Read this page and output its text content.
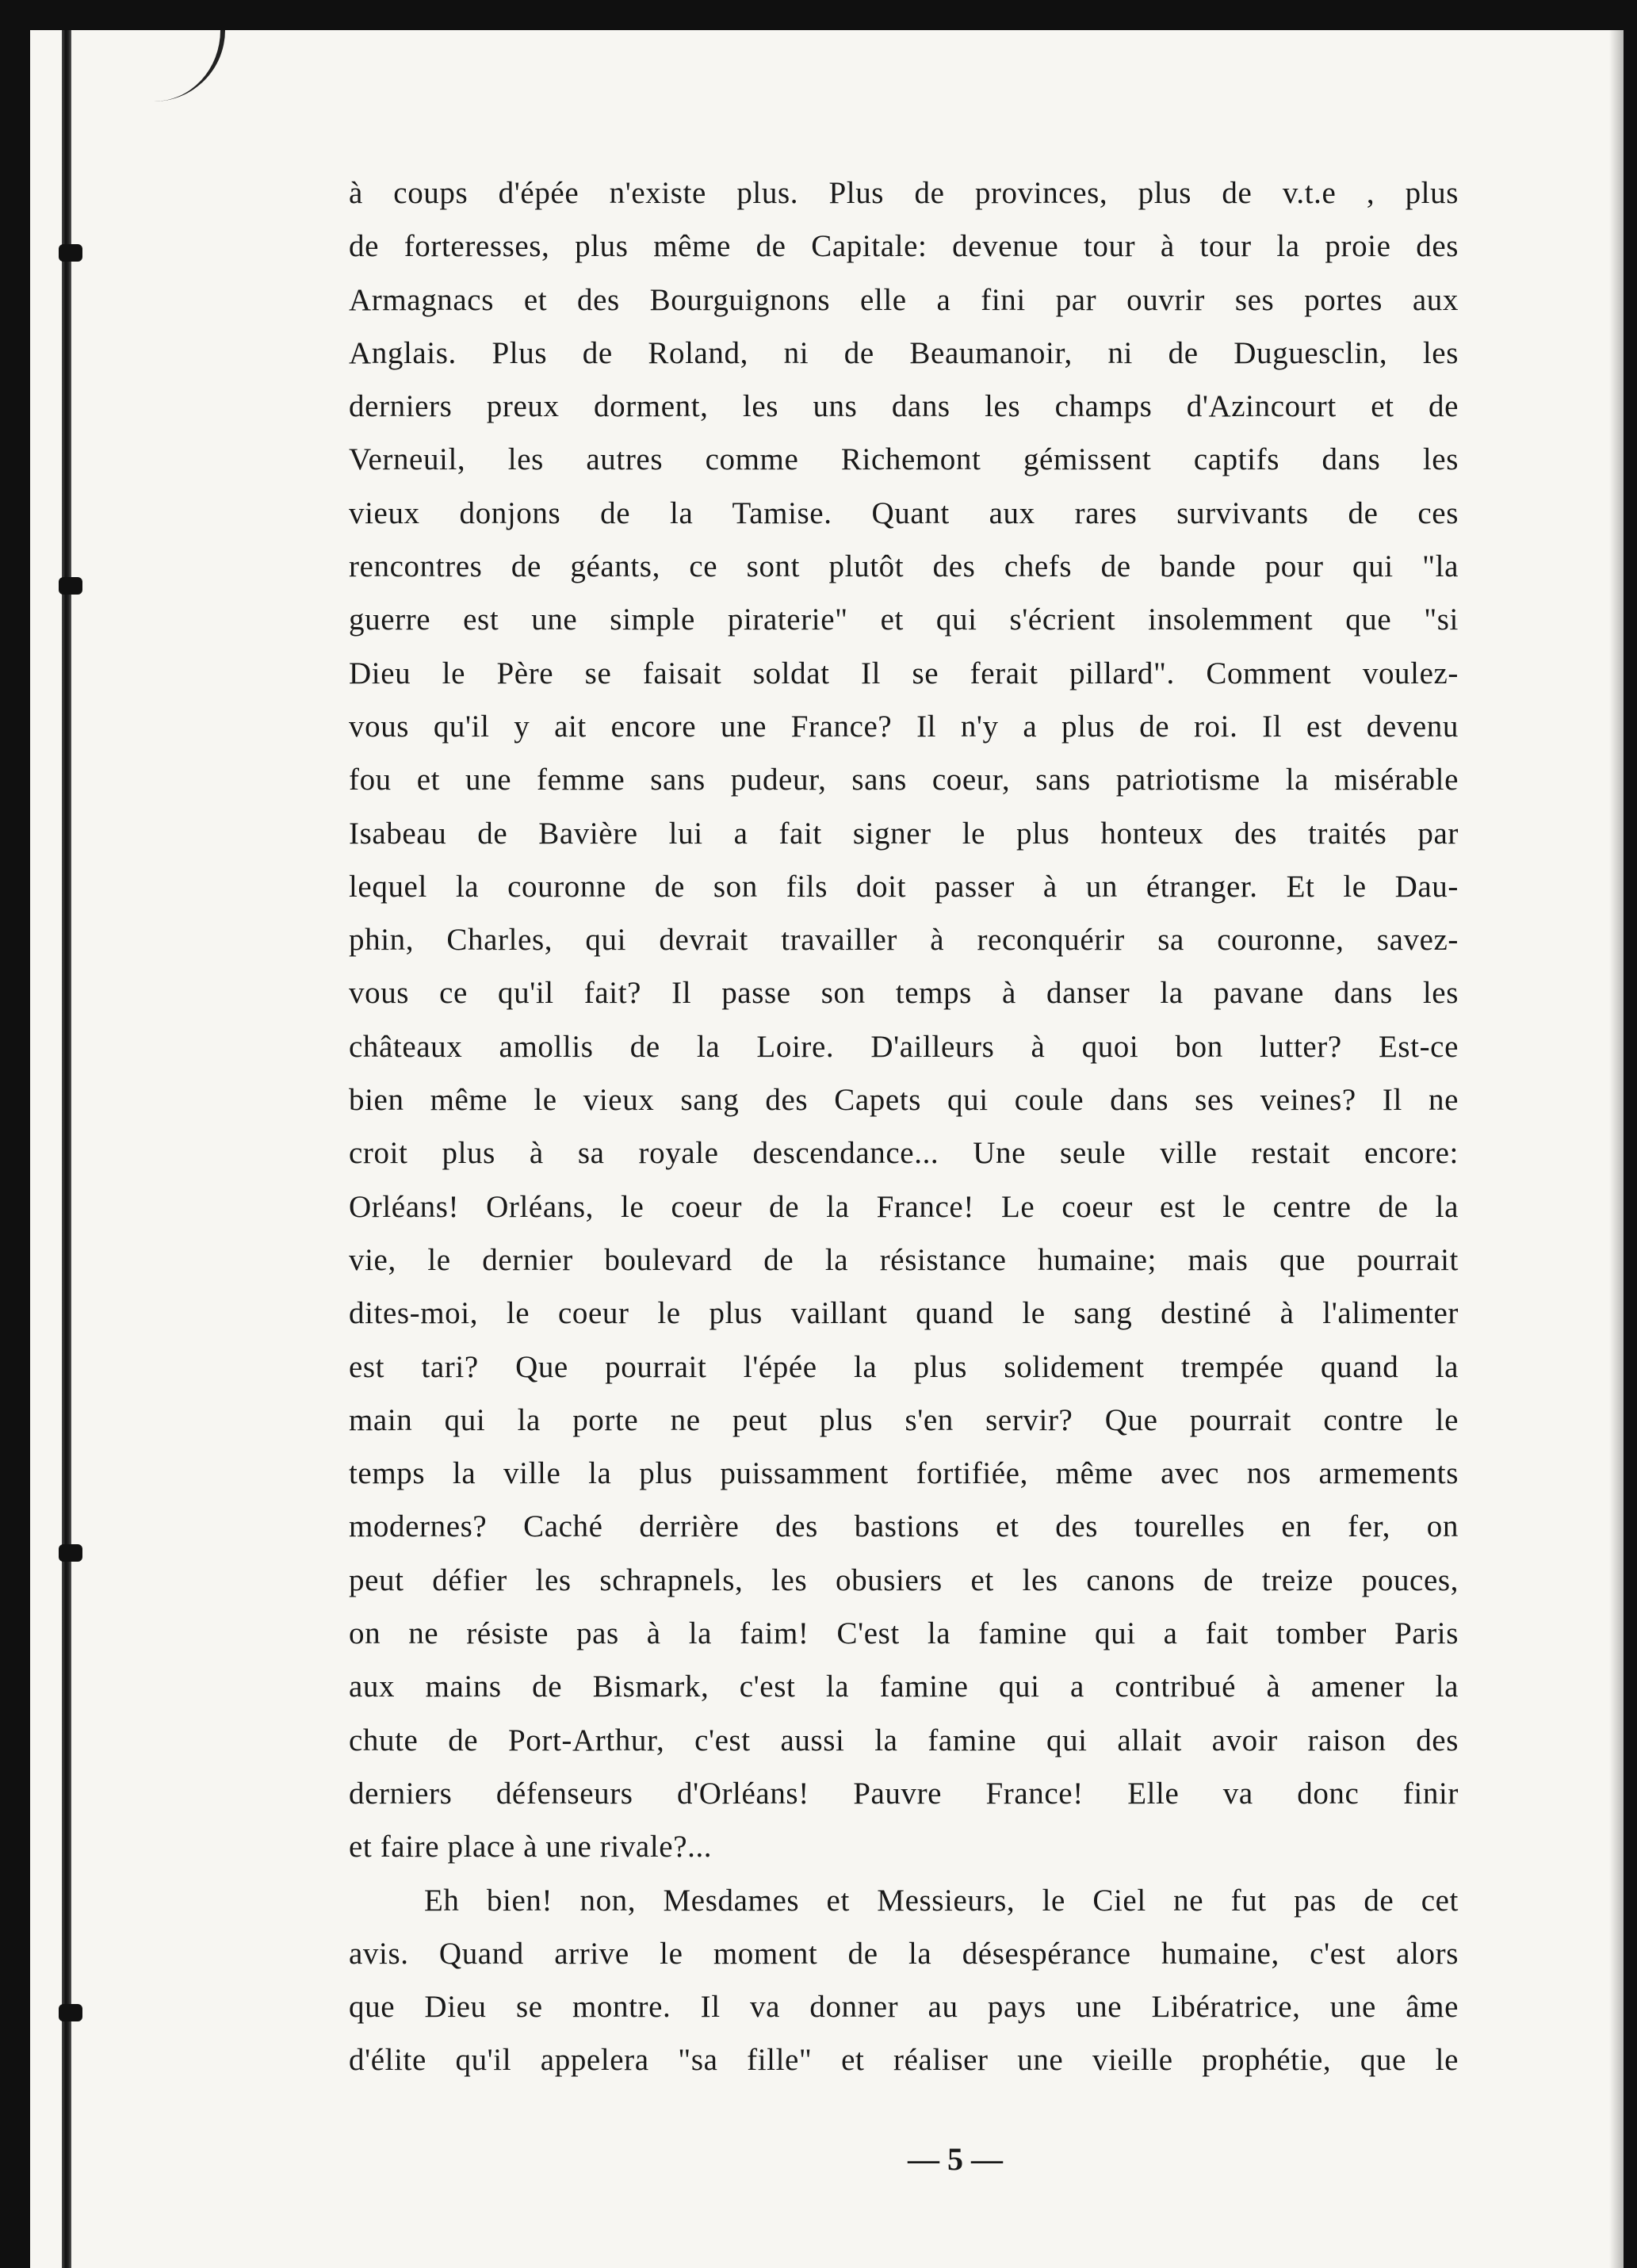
à coups d'épée n'existe plus. Plus de provinces, plus de v.t.e , plus
de forteresses, plus même de Capitale: devenue tour à tour la proie des
Armagnacs et des Bourguignons elle a fini par ouvrir ses portes aux
Anglais. Plus de Roland, ni de Beaumanoir, ni de Duguesclin, les
derniers preux dorment, les uns dans les champs d'Azincourt et de
Verneuil, les autres comme Richemont gémissent captifs dans les
vieux donjons de la Tamise. Quant aux rares survivants de ces
rencontres de géants, ce sont plutôt des chefs de bande pour qui "la
guerre est une simple piraterie" et qui s'écrient insolemment que "si
Dieu le Père se faisait soldat Il se ferait pillard". Comment voulez-
vous qu'il y ait encore une France? Il n'y a plus de roi. Il est devenu
fou et une femme sans pudeur, sans coeur, sans patriotisme la misérable
Isabeau de Bavière lui a fait signer le plus honteux des traités par
lequel la couronne de son fils doit passer à un étranger. Et le Dau-
phin, Charles, qui devrait travailler à reconquérir sa couronne, savez-
vous ce qu'il fait? Il passe son temps à danser la pavane dans les
châteaux amollis de la Loire. D'ailleurs à quoi bon lutter? Est-ce
bien même le vieux sang des Capets qui coule dans ses veines? Il ne
croit plus à sa royale descendance... Une seule ville restait encore:
Orléans! Orléans, le coeur de la France! Le coeur est le centre de la
vie, le dernier boulevard de la résistance humaine; mais que pourrait
dites-moi, le coeur le plus vaillant quand le sang destiné à l'alimenter
est tari? Que pourrait l'épée la plus solidement trempée quand la
main qui la porte ne peut plus s'en servir? Que pourrait contre le
temps la ville la plus puissamment fortifiée, même avec nos armements
modernes? Caché derrière des bastions et des tourelles en fer, on
peut défier les schrapnels, les obusiers et les canons de treize pouces,
on ne résiste pas à la faim! C'est la famine qui a fait tomber Paris
aux mains de Bismark, c'est la famine qui a contribué à amener la
chute de Port-Arthur, c'est aussi la famine qui allait avoir raison des
derniers défenseurs d'Orléans! Pauvre France! Elle va donc finir
et faire place à une rivale?...
Eh bien! non, Mesdames et Messieurs, le Ciel ne fut pas de cet
avis. Quand arrive le moment de la désespérance humaine, c'est alors
que Dieu se montre. Il va donner au pays une Libératrice, une âme
d'élite qu'il appelera "sa fille" et réaliser une vieille prophétie, que le
— 5 —
